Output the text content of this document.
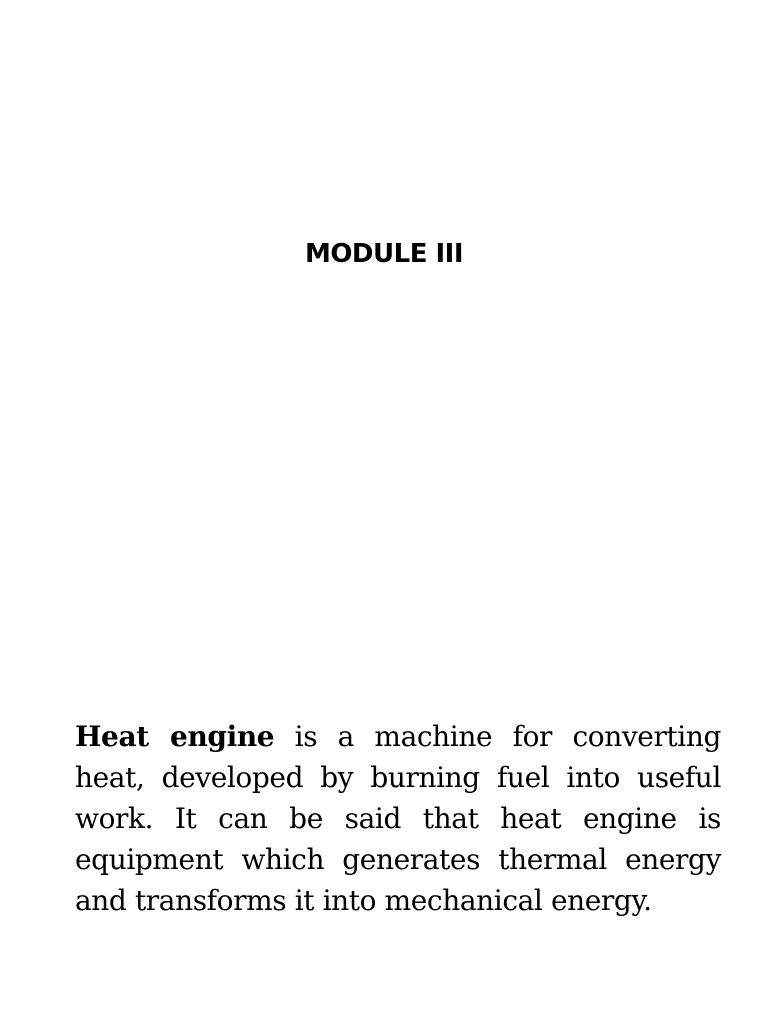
MODULE III

Heat engine is a machine for converting heat, developed by burning fuel into useful work. It can be said that heat engine is equipment which generates thermal energy and transforms it into mechanical energy.
